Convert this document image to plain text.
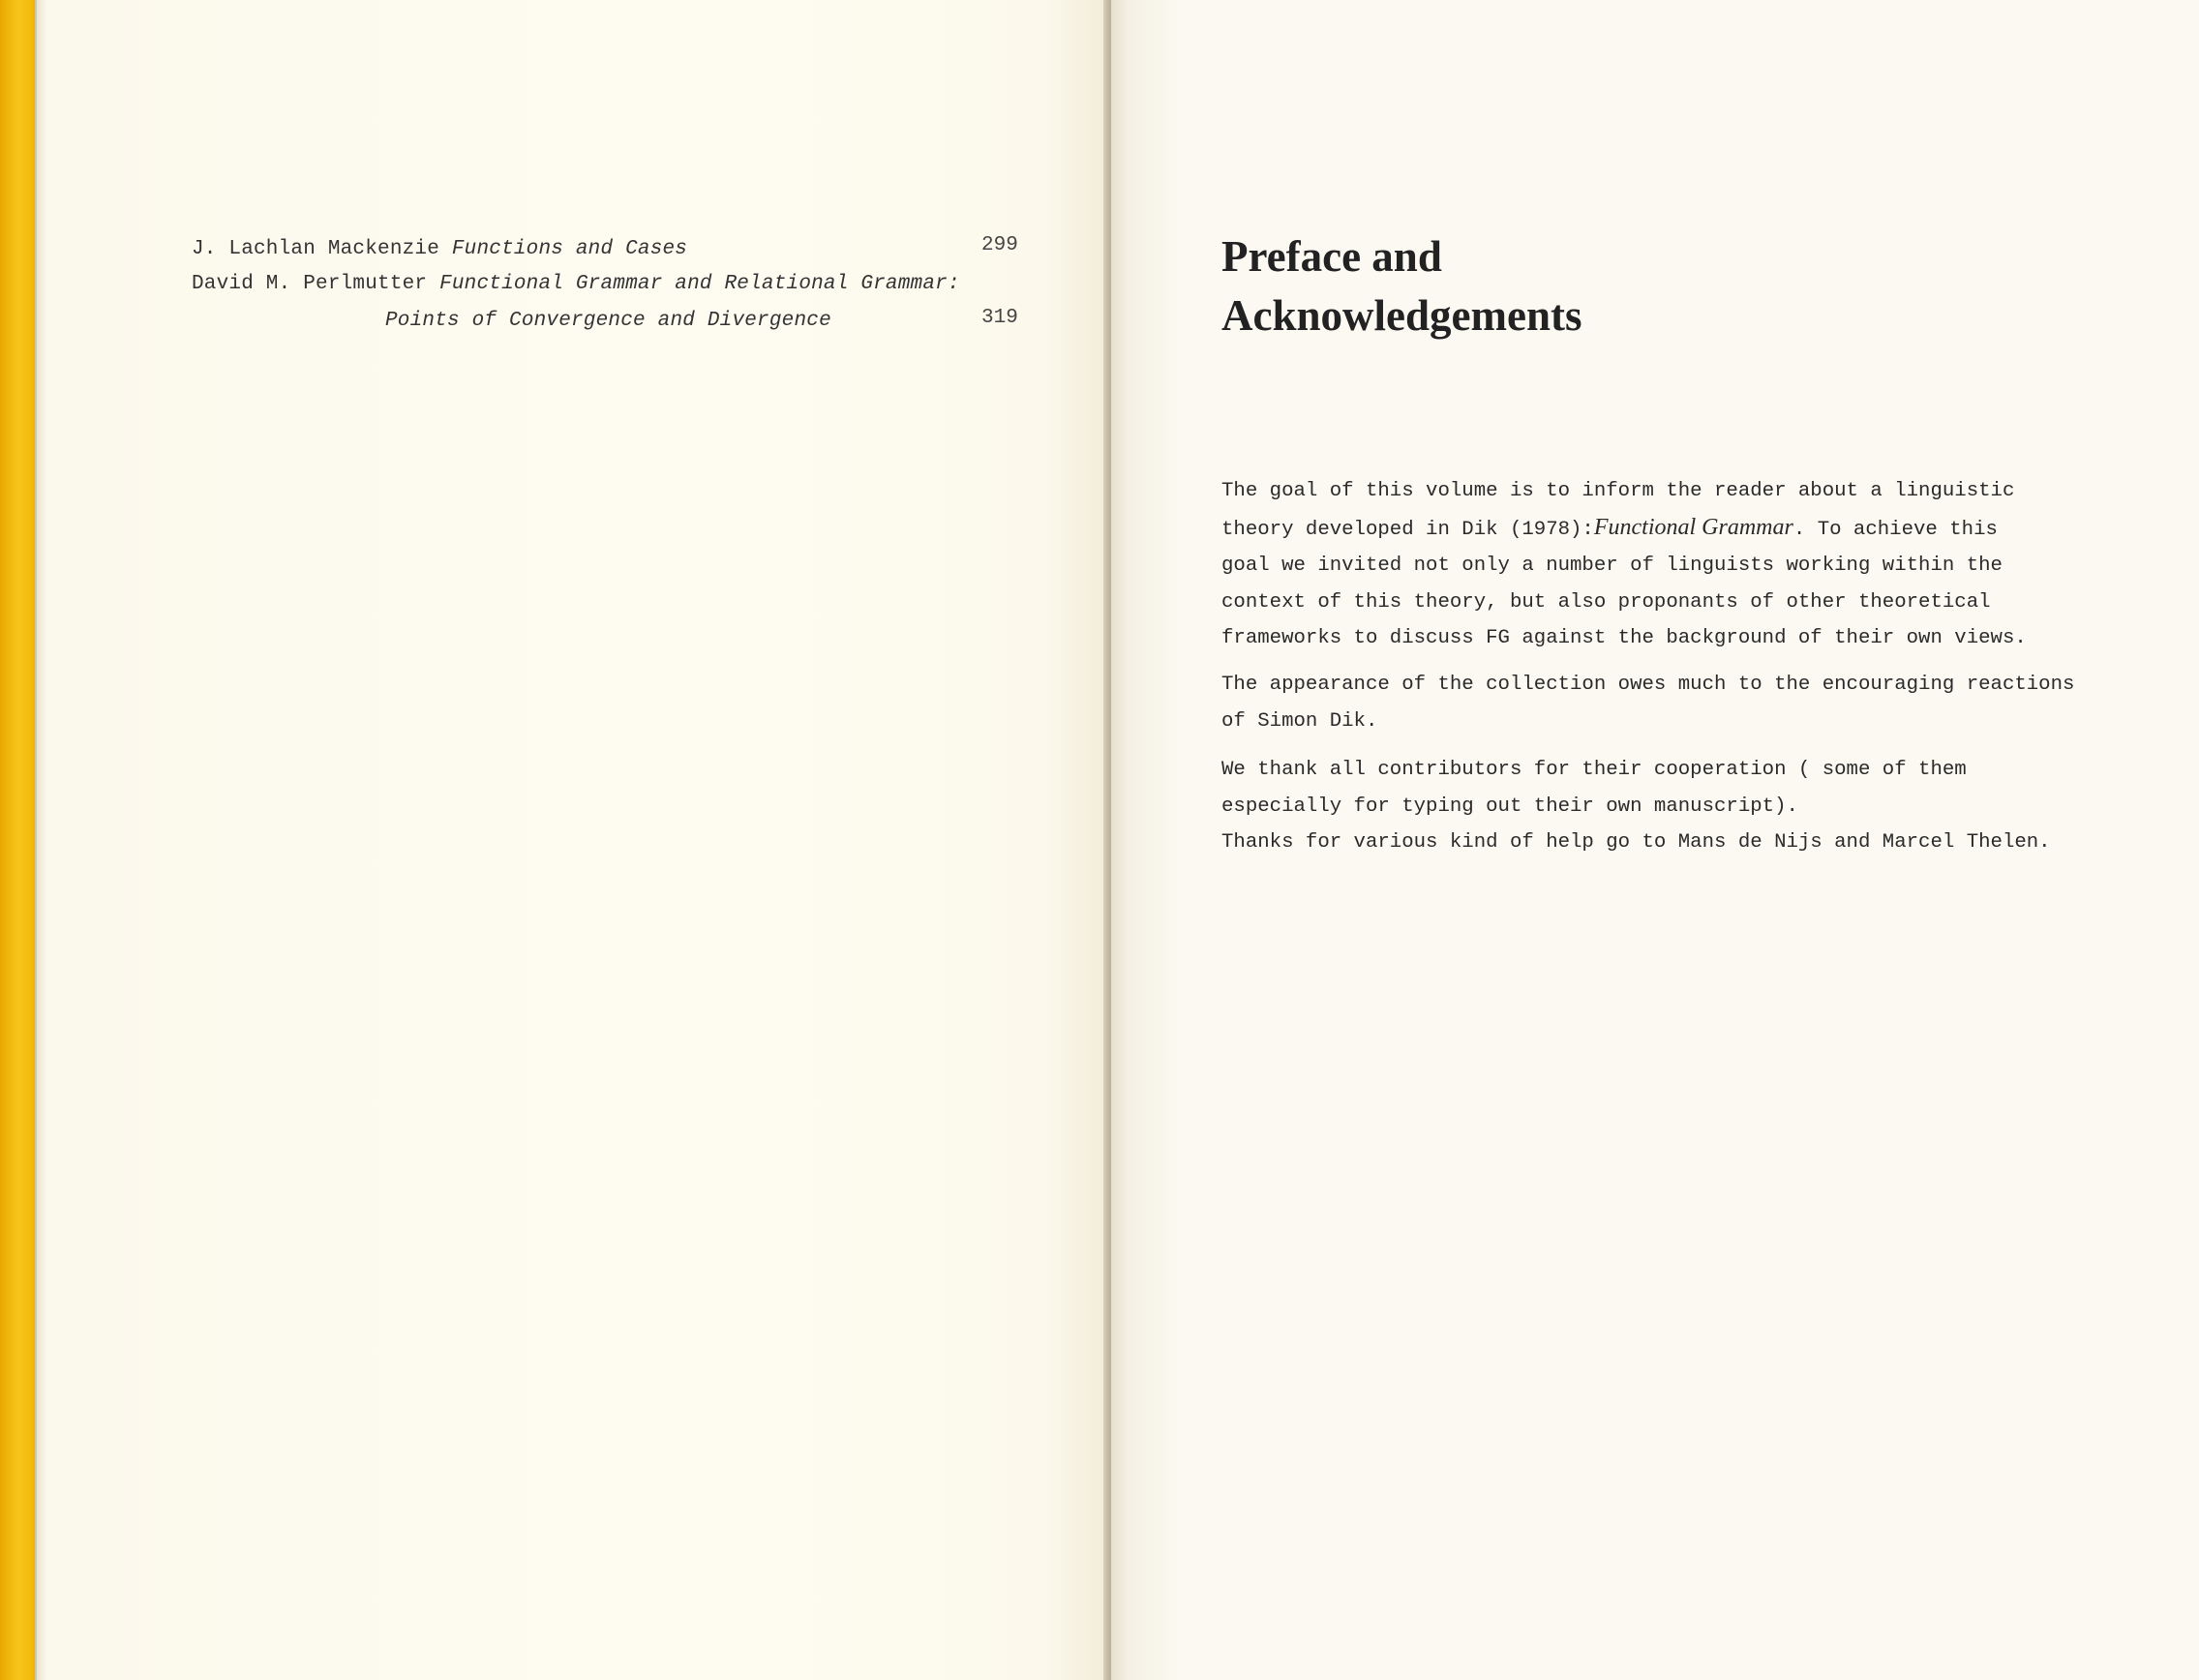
J. Lachlan Mackenzie Functions and Cases	299
David M. Perlmutter Functional Grammar and Relational Grammar:
Points of Convergence and Divergence	319
Preface and
Acknowledgements
The goal of this volume is to inform the reader about a linguistic
theory developed in Dik (1978):Functional Grammar. To achieve this
goal we invited not only a number of linguists working within the
context of this theory, but also proponants of other theoretical
frameworks to discuss FG against the background of their own views.
The appearance of the collection owes much to the encouraging reactions
of Simon Dik.
We thank all contributors for their cooperation ( some of them
especially for typing out their own manuscript).
Thanks for various kind of help go to Mans de Nijs and Marcel Thelen.
